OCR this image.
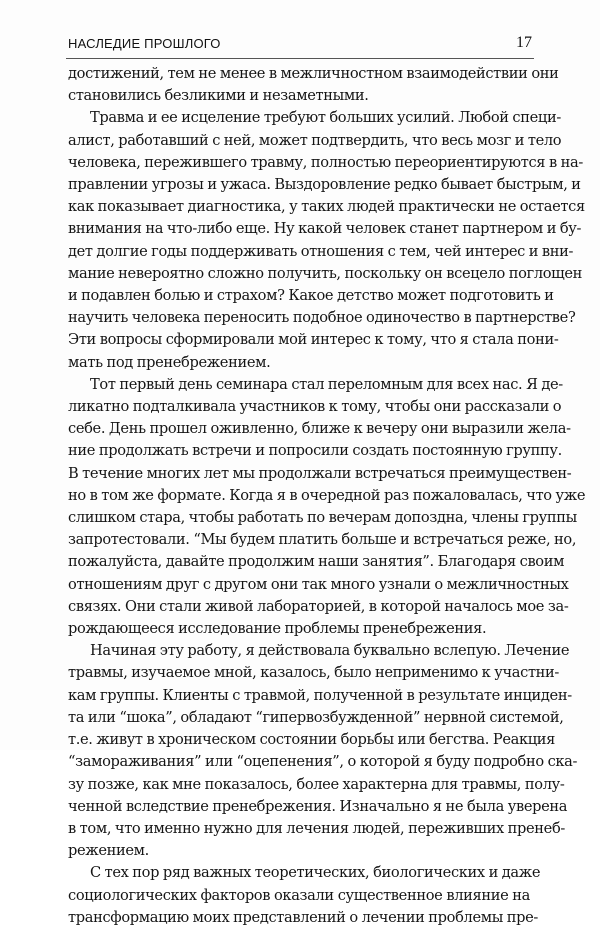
НАСЛЕДИЕ ПРОШЛОГО	17
достижений, тем не менее в межличностном взаимодействии они
становились безликими и незаметными.
Травма и ее исцеление требуют больших усилий. Любой специ-
алист, работавший с ней, может подтвердить, что весь мозг и тело
человека, пережившего травму, полностью переориентируются в на-
правлении угрозы и ужаса. Выздоровление редко бывает быстрым, и
как показывает диагностика, у таких людей практически не остается
внимания на что-либо еще. Ну какой человек станет партнером и бу-
дет долгие годы поддерживать отношения с тем, чей интерес и вни-
мание невероятно сложно получить, поскольку он всецело поглощен
и подавлен болью и страхом? Какое детство может подготовить и
научить человека переносить подобное одиночество в партнерстве?
Эти вопросы сформировали мой интерес к тому, что я стала пони-
мать под пренебрежением.
Тот первый день семинара стал переломным для всех нас. Я де-
ликатно подталкивала участников к тому, чтобы они рассказали о
себе. День прошел оживленно, ближе к вечеру они выразили жела-
ние продолжать встречи и попросили создать постоянную группу.
В течение многих лет мы продолжали встречаться преимуществен-
но в том же формате. Когда я в очередной раз пожаловалась, что уже
слишком стара, чтобы работать по вечерам допоздна, члены группы
запротестовали. “Мы будем платить больше и встречаться реже, но,
пожалуйста, давайте продолжим наши занятия”. Благодаря своим
отношениям друг с другом они так много узнали о межличностных
связях. Они стали живой лабораторией, в которой началось мое за-
рождающееся исследование проблемы пренебрежения.
Начиная эту работу, я действовала буквально вслепую. Лечение
травмы, изучаемое мной, казалось, было неприменимо к участни-
кам группы. Клиенты с травмой, полученной в результате инциден-
та или “шока”, обладают “гипервозбужденной” нервной системой,
т.е. живут в хроническом состоянии борьбы или бегства. Реакция
“замораживания” или “оцепенения”, о которой я буду подробно ска-
зу позже, как мне показалось, более характерна для травмы, полу-
ченной вследствие пренебрежения. Изначально я не была уверена
в том, что именно нужно для лечения людей, переживших пренеб-
режением.
С тех пор ряд важных теоретических, биологических и даже
социологических факторов оказали существенное влияние на
трансформацию моих представлений о лечении проблемы пре-
